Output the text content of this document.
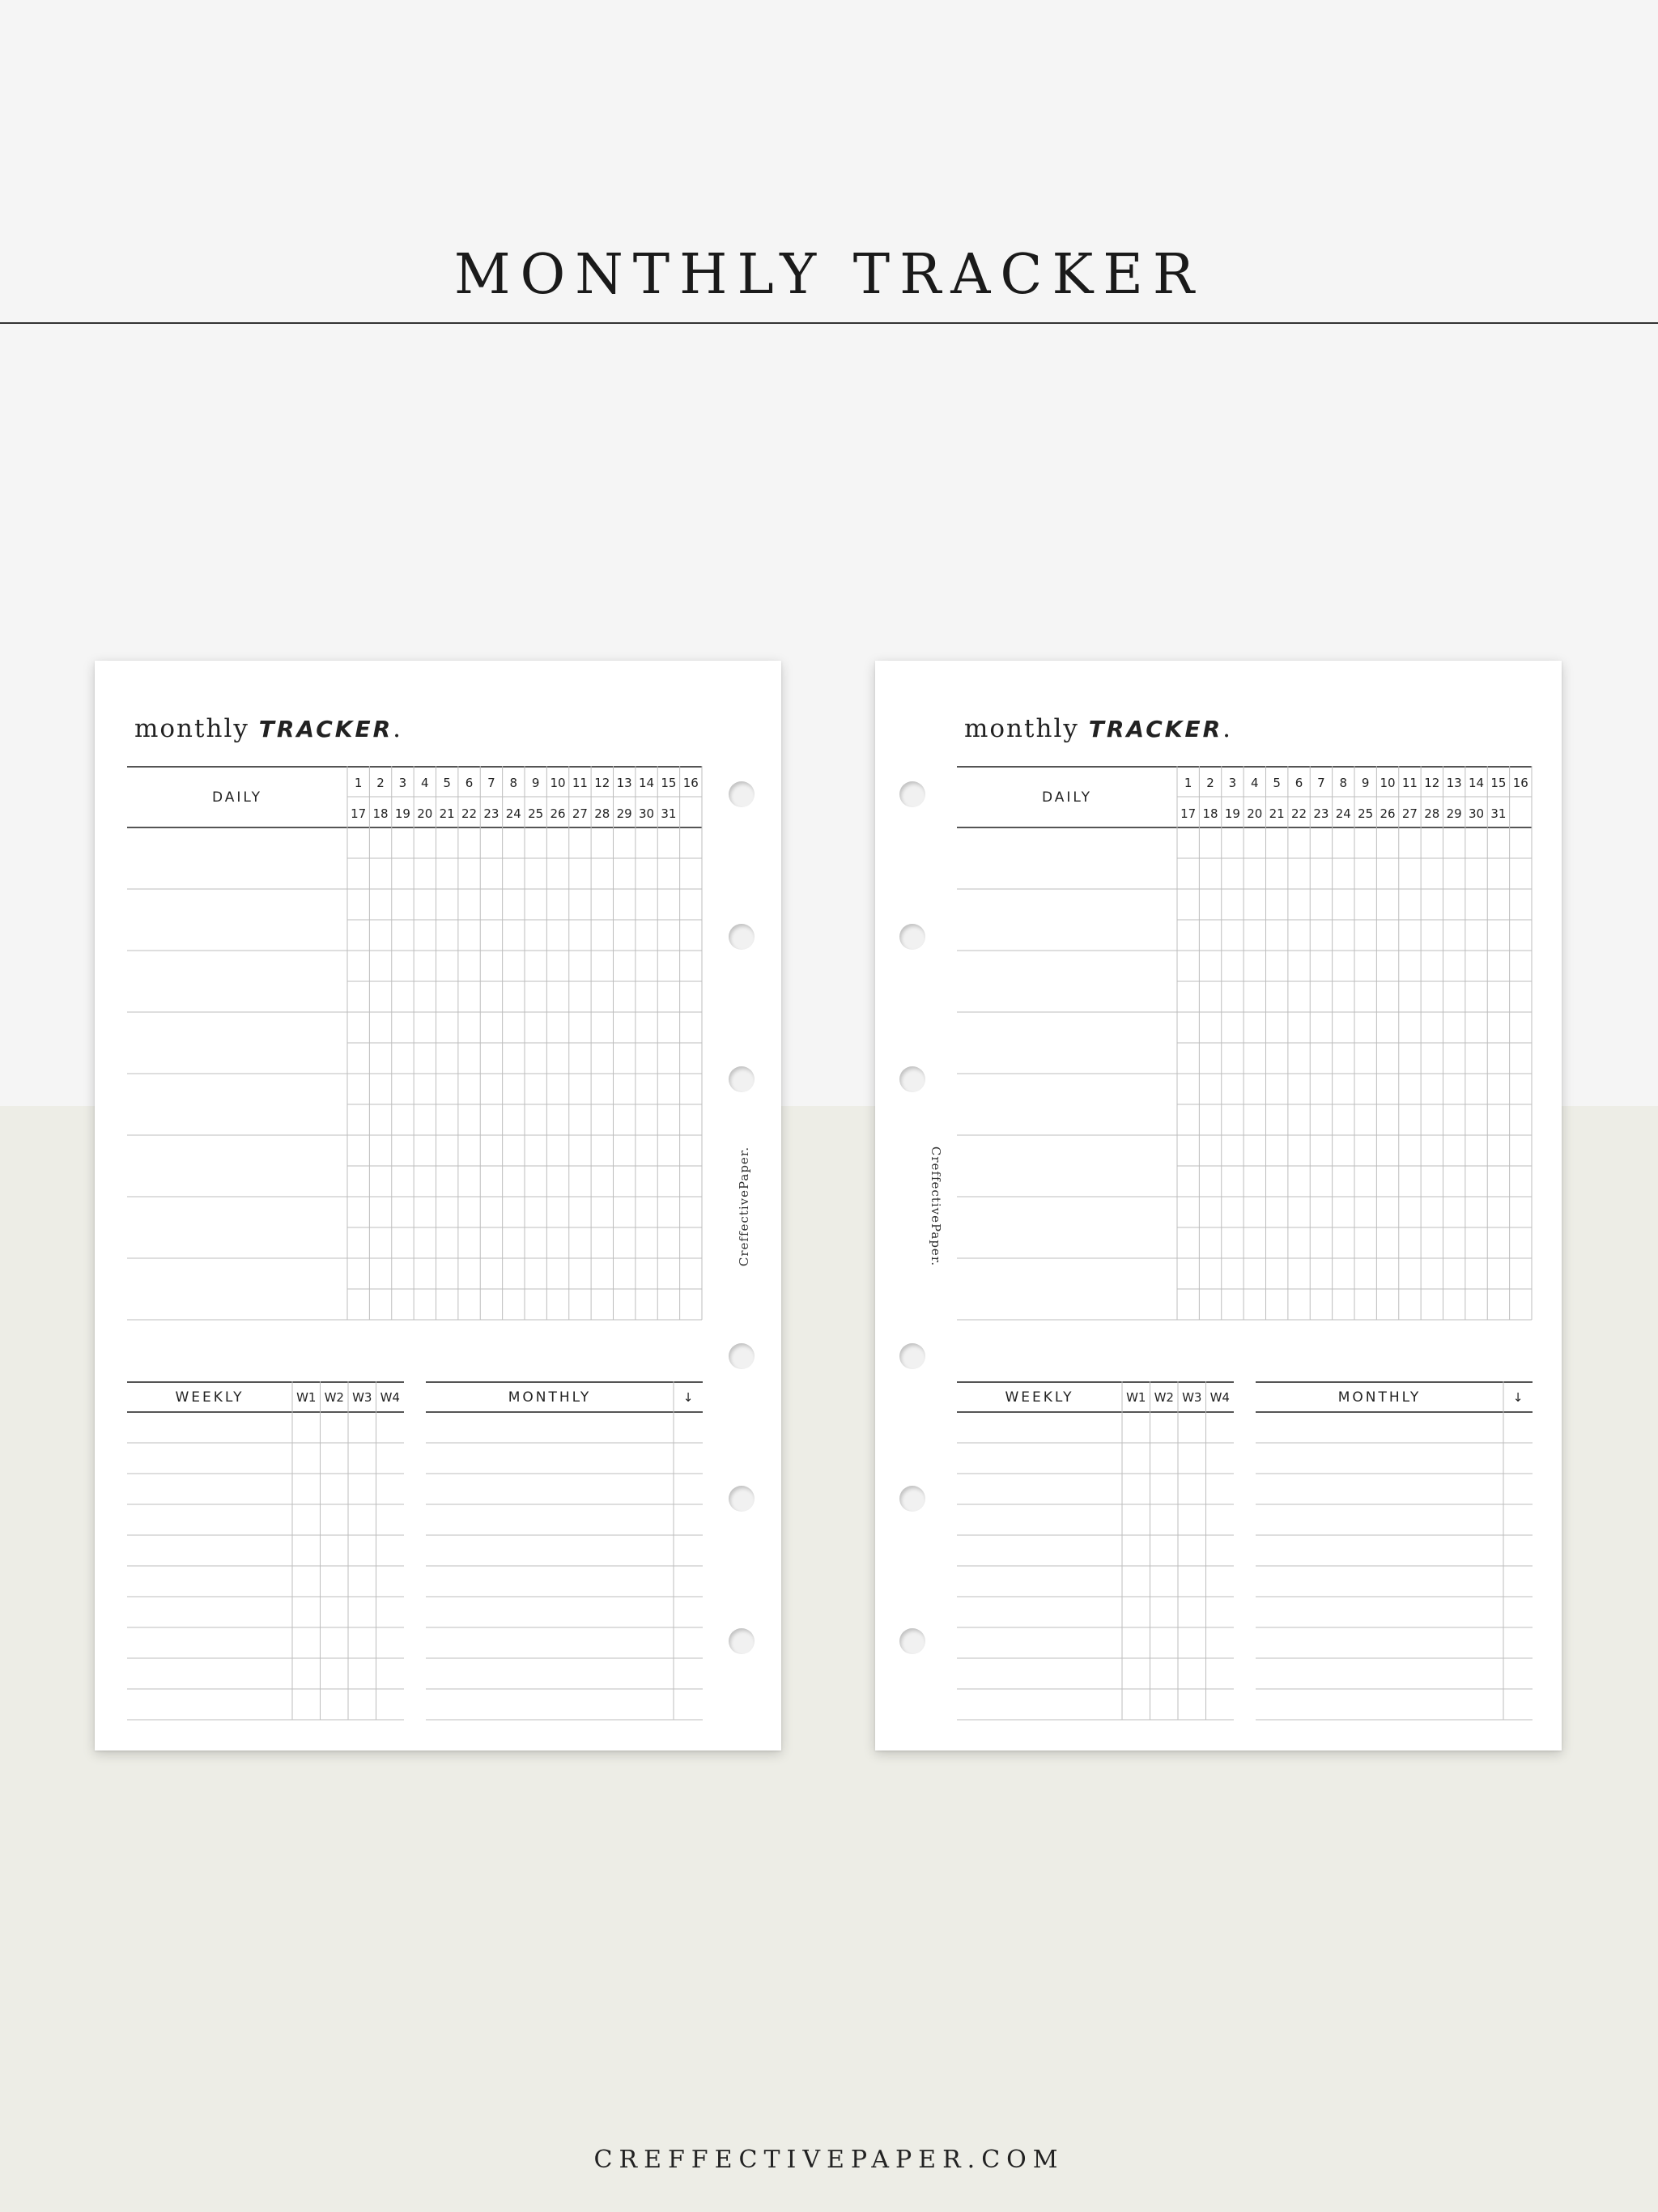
MONTHLY TRACKER
monthly TRACKER.
DAILY
1 2 3 4 5 6 7 8 9 10 11 12 13 14 15 16
17 18 19 20 21 22 23 24 25 26 27 28 29 30 31
WEEKLY	W1 W2 W3 W4	MONTHLY	↓
CreffectivePaper.
monthly TRACKER.
DAILY
1 2 3 4 5 6 7 8 9 10 11 12 13 14 15 16
17 18 19 20 21 22 23 24 25 26 27 28 29 30 31
WEEKLY	W1 W2 W3 W4	MONTHLY	↓
CreffectivePaper.
CREFFECTIVEPAPER.COM
